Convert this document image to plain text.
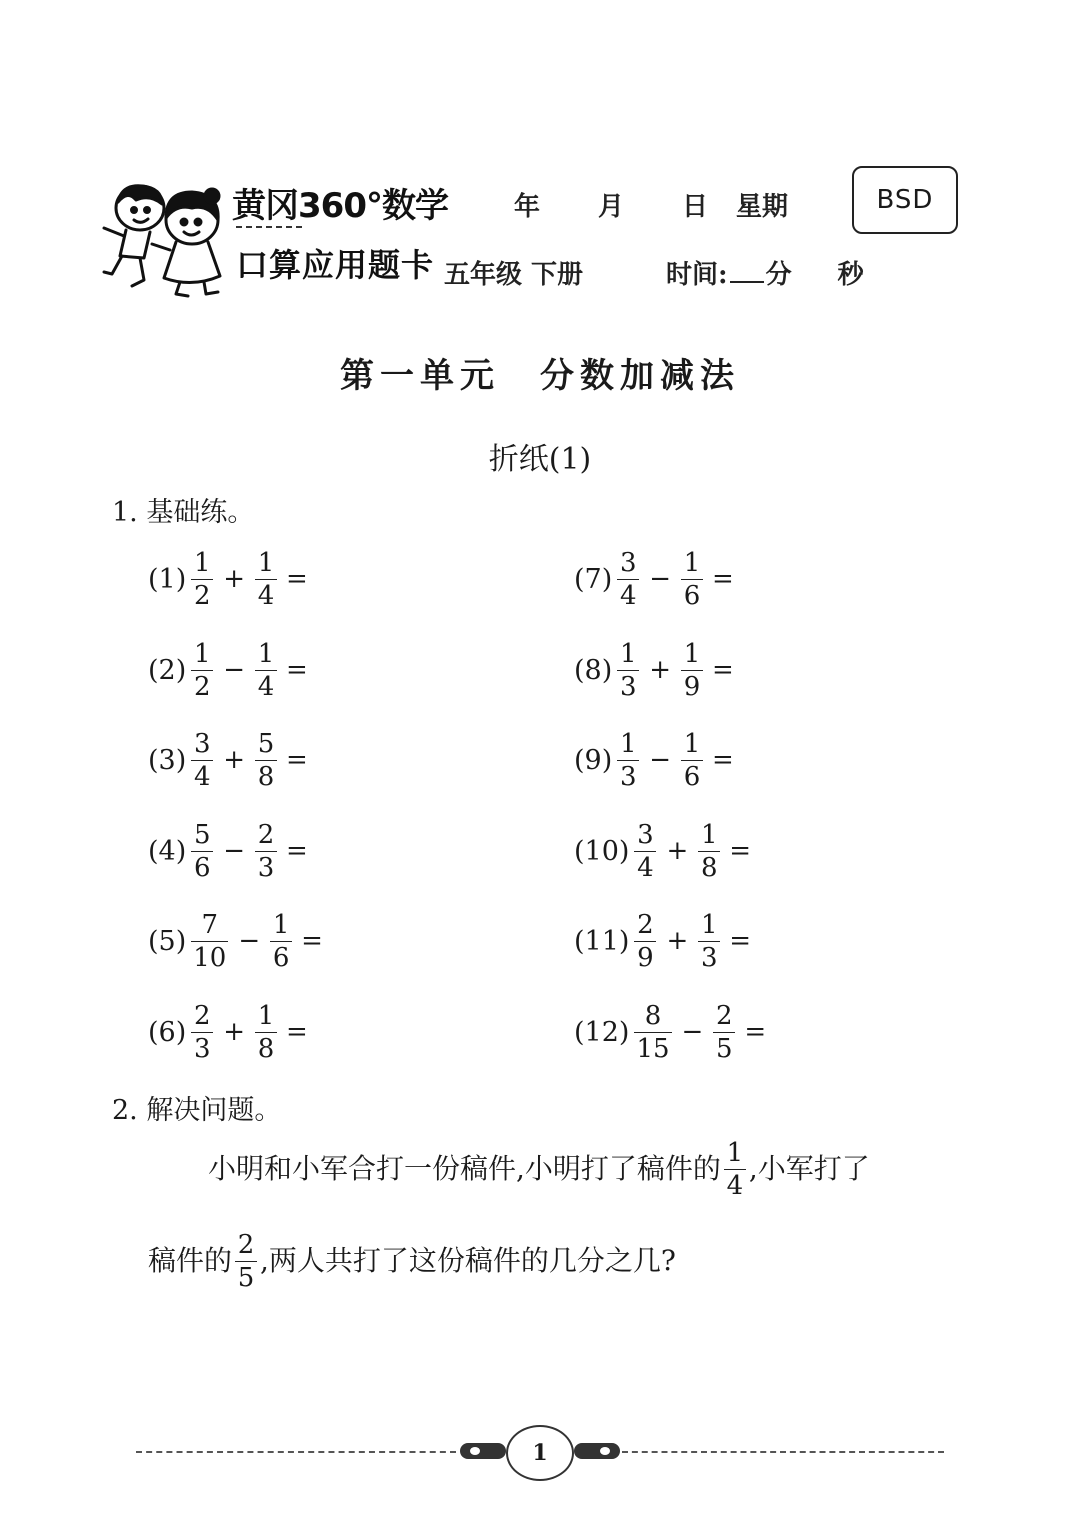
黄冈360°数学
口算应用题卡
年 月 日 星期
五年级 下册	时间: 分 秒
BSD
第一单元　分数加减法
折纸(1)
1. 基础练。
$(1) \frac{1}{2} + \frac{1}{4}$ =
$(2) \frac{1}{2} - \frac{1}{4}$ =
$(3) \frac{3}{4} + \frac{5}{8}$ =
$(4) \frac{5}{6} - \frac{2}{3}$ =
$(5) \frac{7}{10} - \frac{1}{6}$ =
$(6) \frac{2}{3} + \frac{1}{8}$ =
$(7) \frac{3}{4} - \frac{1}{6}$ =
$(8) \frac{1}{3} + \frac{1}{9}$ =
$(9) \frac{1}{3} - \frac{1}{6}$ =
$(10) \frac{3}{4} + \frac{1}{8}$ =
$(11) \frac{2}{9} + \frac{1}{3}$ =
$(12) \frac{8}{15} - \frac{2}{5}$ =
2. 解决问题。
小明和小军合打一份稿件,小明打了稿件的 $\frac{1}{4}$ ,小军打了
稿件的 $\frac{2}{5}$ ,两人共打了这份稿件的几分之几?
1
